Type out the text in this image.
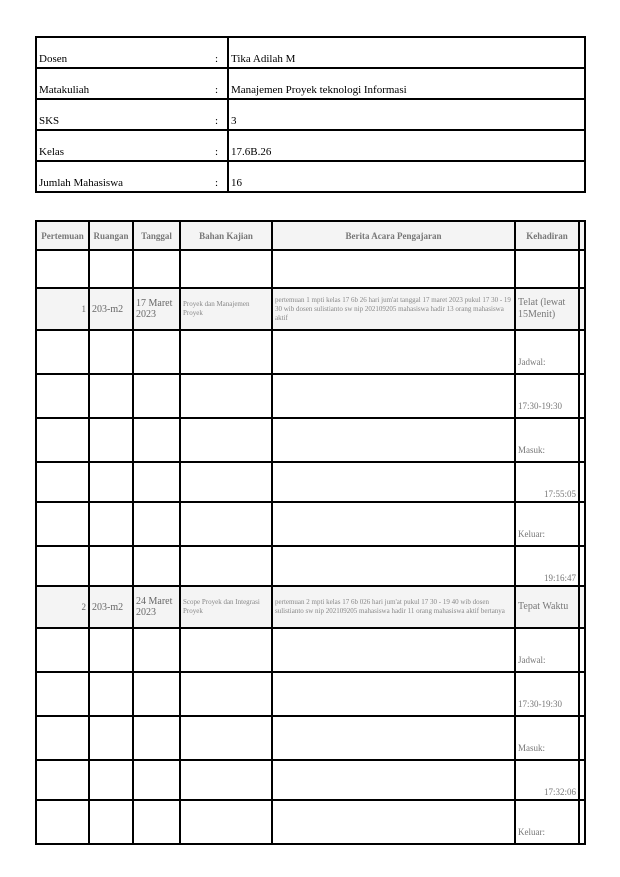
Dosen	:	Tika Adilah M
Matakuliah	:	Manajemen Proyek teknologi Informasi
SKS	:	3
Kelas	:	17.6B.26
Jumlah Mahasiswa	:	16
Pertemuan	Ruangan	Tanggal	Bahan Kajian	Berita Acara Pengajaran	Kehadiran	

1	203-m2	17 Maret 2023	Proyek dan Manajemen Proyek	pertemuan 1 mpti kelas 17 6b 26 hari jum'at tanggal 17 maret 2023 pukul 17 30 - 19 30 wib dosen sulistianto sw nip 202109205 mahasiswa hadir 13 orang mahasiswa aktif	Telat (lewat 15Menit)	
					Jadwal:	
					17:30-19:30	
					Masuk:	
					17:55:05	
					Keluar:	
					19:16:47	
2	203-m2	24 Maret 2023	Scope Proyek dan Integrasi Proyek	pertemuan 2 mpti kelas 17 6b 026 hari jum'at pukul 17 30 - 19 40 wib dosen sulistianto sw nip 202109205 mahasiswa hadir 11 orang mahasiswa aktif bertanya	Tepat Waktu	
					Jadwal:	
					17:30-19:30	
					Masuk:	
					17:32:06	
					Keluar:	
